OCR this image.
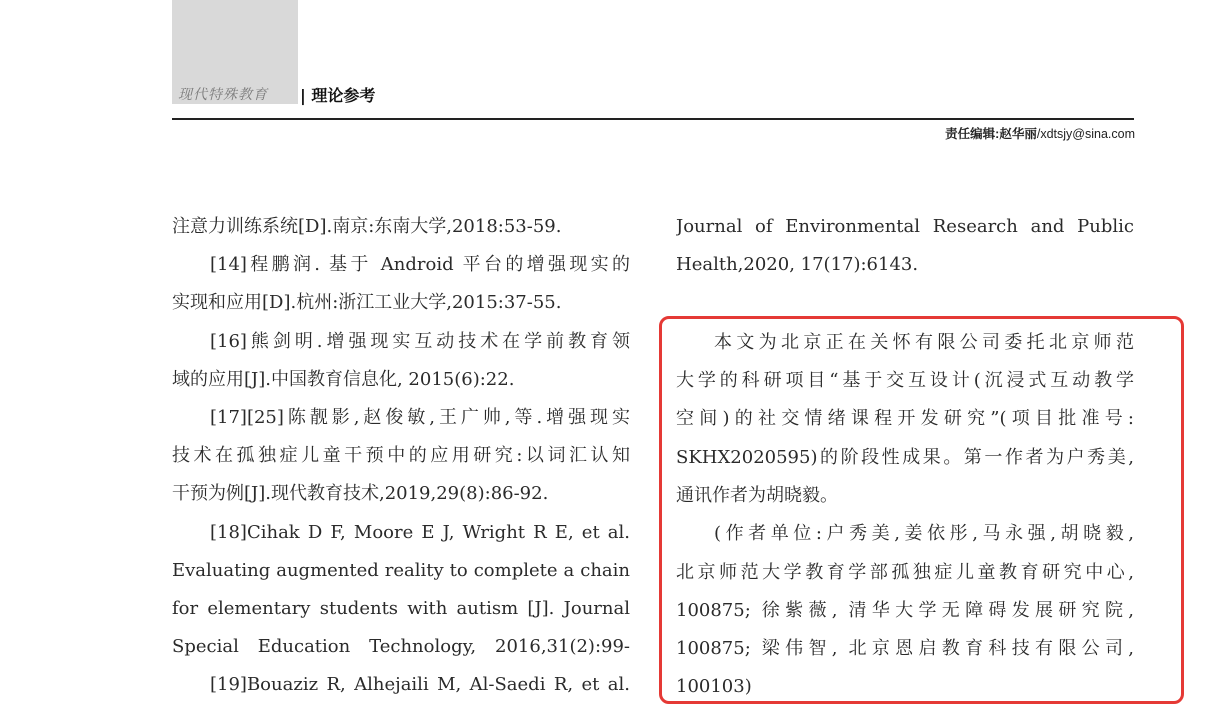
现代特殊教育 | 理论参考
责任编辑:赵华丽/xdtsjy@sina.com
注意力训练系统[D].南京:东南大学,2018:53-59.
[14]程鹏润. 基于 Android 平台的增强现实的
实现和应用[D].杭州:浙江工业大学,2015:37-55.
[16]熊剑明.增强现实互动技术在学前教育领
域的应用[J].中国教育信息化, 2015(6):22.
[17][25]陈靓影,赵俊敏,王广帅,等.增强现实
技术在孤独症儿童干预中的应用研究:以词汇认知
干预为例[J].现代教育技术,2019,29(8):86-92.
[18]Cihak D F, Moore E J, Wright R E, et al.
Evaluating augmented reality to complete a chain
for elementary students with autism [J]. Journal
Special Education Technology, 2016,31(2):99-
[19]Bouaziz R, Alhejaili M, Al-Saedi R, et al.
Journal of Environmental Research and Public
Health,2020, 17(17):6143.
本文为北京正在关怀有限公司委托北京师范
大学的科研项目“基于交互设计(沉浸式互动教学
空间)的社交情绪课程开发研究”(项目批准号:
SKHX2020595)的阶段性成果。第一作者为户秀美,
通讯作者为胡晓毅。
(作者单位:户秀美,姜依彤,马永强,胡晓毅,
北京师范大学教育学部孤独症儿童教育研究中心,
100875; 徐紫薇, 清华大学无障碍发展研究院,
100875; 梁伟智, 北京恩启教育科技有限公司,
100103)
